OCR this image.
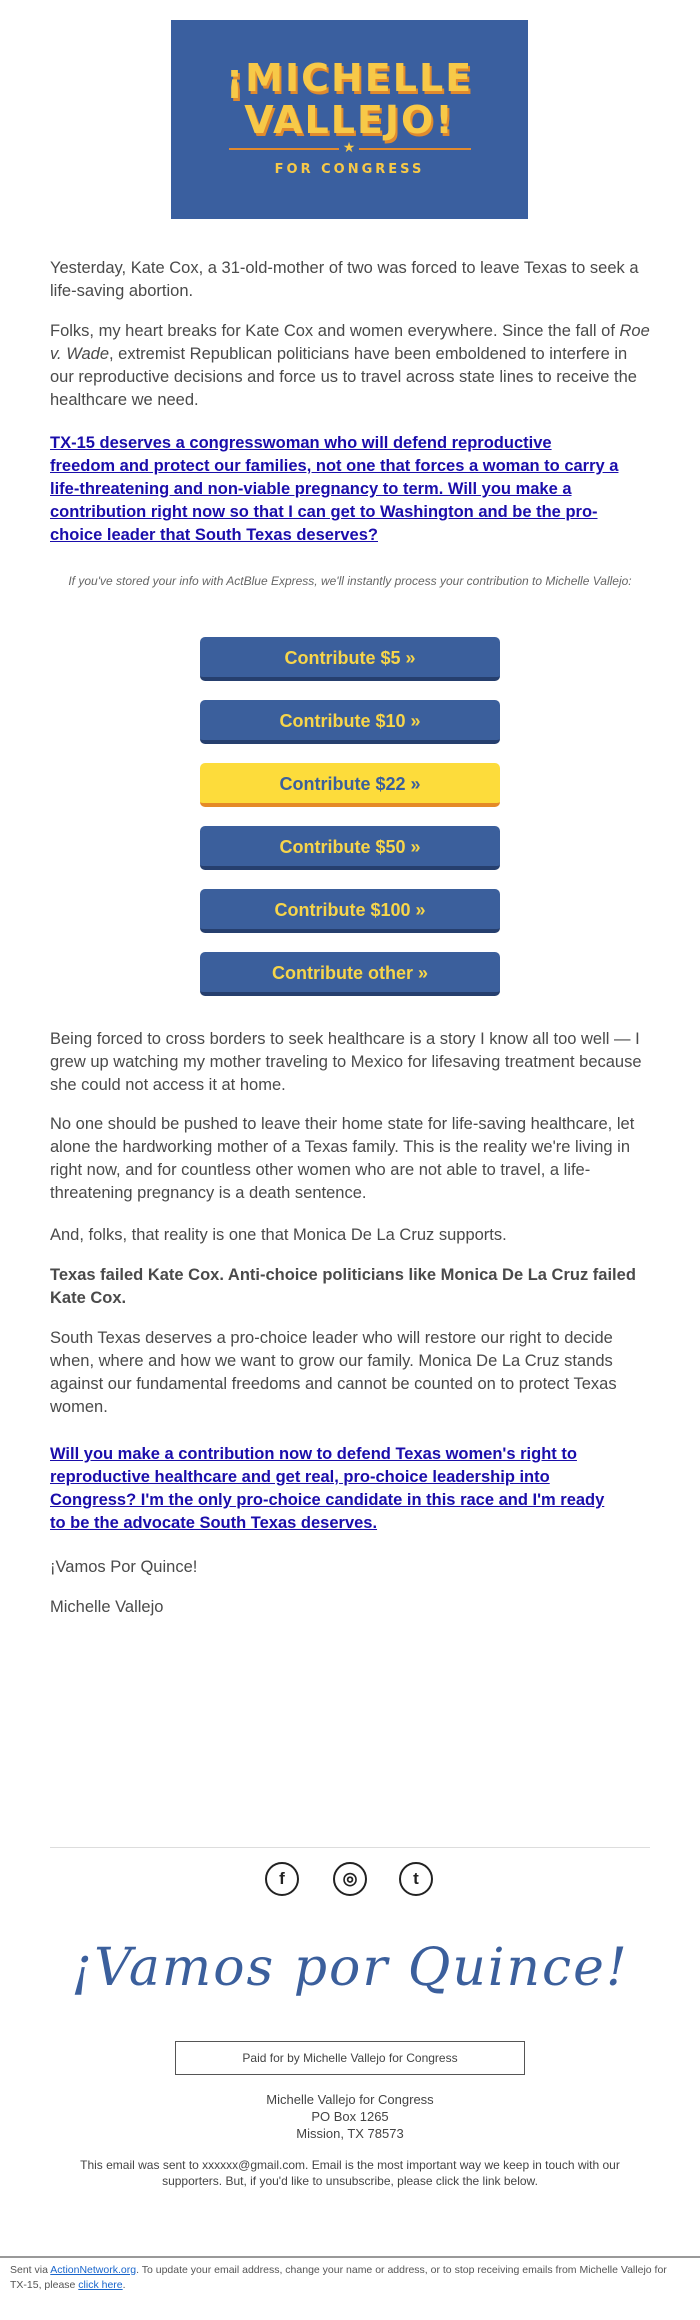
¡MICHELLE
VALLEJO!
★
FOR CONGRESS

Yesterday, Kate Cox, a 31-old-mother of two was forced to leave Texas to seek a life-saving abortion.

Folks, my heart breaks for Kate Cox and women everywhere. Since the fall of Roe v. Wade, extremist Republican politicians have been emboldened to interfere in our reproductive decisions and force us to travel across state lines to receive the healthcare we need.

TX-15 deserves a congresswoman who will defend reproductive freedom and protect our families, not one that forces a woman to carry a life-threatening and non-viable pregnancy to term. Will you make a contribution right now so that I can get to Washington and be the pro-choice leader that South Texas deserves?

If you've stored your info with ActBlue Express, we'll instantly process your contribution to Michelle Vallejo:

Contribute $5 »
Contribute $10 »
Contribute $22 »
Contribute $50 »
Contribute $100 »
Contribute other »

Being forced to cross borders to seek healthcare is a story I know all too well — I grew up watching my mother traveling to Mexico for lifesaving treatment because she could not access it at home.

No one should be pushed to leave their home state for life-saving healthcare, let alone the hardworking mother of a Texas family. This is the reality we're living in right now, and for countless other women who are not able to travel, a life-threatening pregnancy is a death sentence.

And, folks, that reality is one that Monica De La Cruz supports.

Texas failed Kate Cox. Anti-choice politicians like Monica De La Cruz failed Kate Cox.

South Texas deserves a pro-choice leader who will restore our right to decide when, where and how we want to grow our family. Monica De La Cruz stands against our fundamental freedoms and cannot be counted on to protect Texas women.

Will you make a contribution now to defend Texas women's right to reproductive healthcare and get real, pro-choice leadership into Congress? I'm the only pro-choice candidate in this race and I'm ready to be the advocate South Texas deserves.

¡Vamos Por Quince!

Michelle Vallejo

f	◎	t
¡Vamos por Quince!
Paid for by Michelle Vallejo for Congress
Michelle Vallejo for Congress
PO Box 1265
Mission, TX 78573
This email was sent to xxxxxx@gmail.com. Email is the most important way we keep in touch with our supporters. But, if you'd like to unsubscribe, please click the link below.
Sent via ActionNetwork.org. To update your email address, change your name or address, or to stop receiving emails from Michelle Vallejo for TX-15, please click here.
